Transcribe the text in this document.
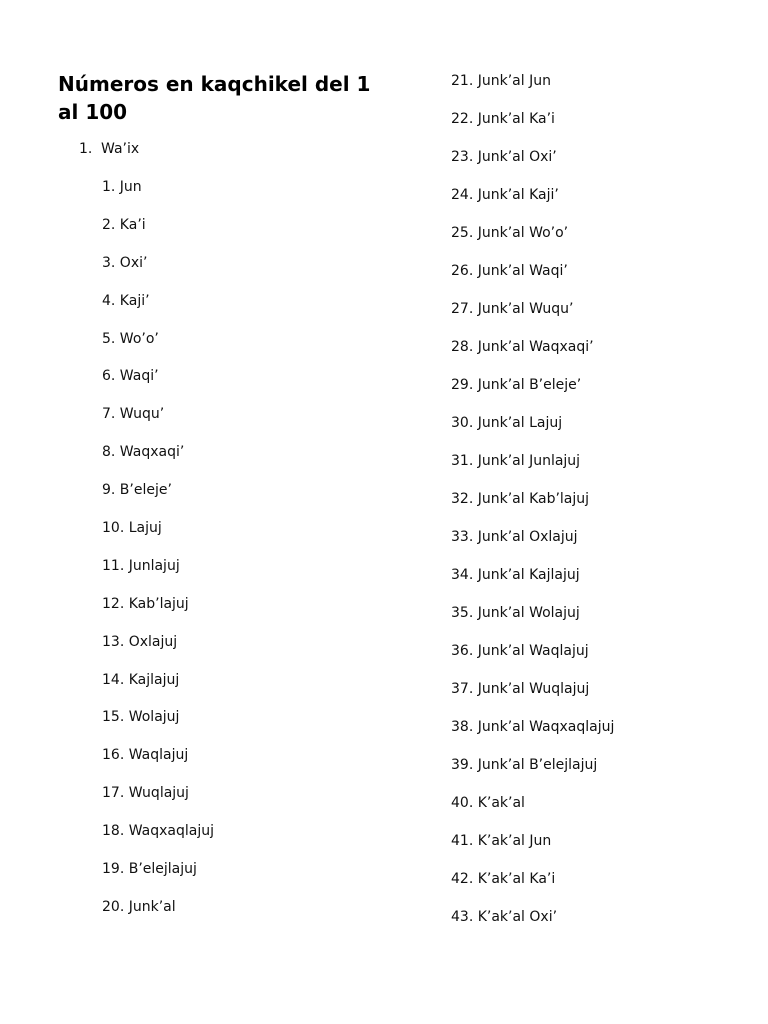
Números en kaqchikel del 1 al 100
1. Wa’ix
1. Jun
2. Ka’i
3. Oxi’
4. Kaji’
5. Wo’o’
6. Waqi’
7. Wuqu’
8. Waqxaqi’
9. B’eleje’
10. Lajuj
11. Junlajuj
12. Kab’lajuj
13. Oxlajuj
14. Kajlajuj
15. Wolajuj
16. Waqlajuj
17. Wuqlajuj
18. Waqxaqlajuj
19. B’elejlajuj
20. Junk’al
21. Junk’al Jun
22. Junk’al Ka’i
23. Junk’al Oxi’
24. Junk’al Kaji’
25. Junk’al Wo’o’
26. Junk’al Waqi’
27. Junk’al Wuqu’
28. Junk’al Waqxaqi’
29. Junk’al B’eleje’
30. Junk’al Lajuj
31. Junk’al Junlajuj
32. Junk’al Kab’lajuj
33. Junk’al Oxlajuj
34. Junk’al Kajlajuj
35. Junk’al Wolajuj
36. Junk’al Waqlajuj
37. Junk’al Wuqlajuj
38. Junk’al Waqxaqlajuj
39. Junk’al B’elejlajuj
40. K’ak’al
41. K’ak’al Jun
42. K’ak’al Ka’i
43. K’ak’al Oxi’
